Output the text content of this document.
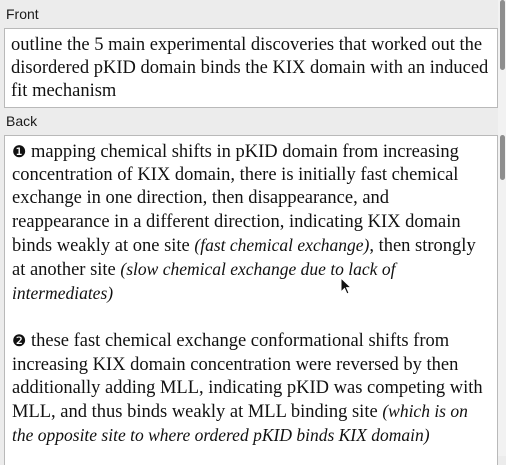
Front
outline the 5 main experimental discoveries that worked out the disordered pKID domain binds the KIX domain with an induced fit mechanism
Back

❶ mapping chemical shifts in pKID domain from increasing concentration of KIX domain, there is initially fast chemical exchange in one direction, then disappearance, and reappearance in a different direction, indicating KIX domain binds weakly at one site (fast chemical exchange), then strongly at another site (slow chemical exchange due to lack of intermediates)

❷ these fast chemical exchange conformational shifts from increasing KIX domain concentration were reversed by then additionally adding MLL, indicating pKID was competing with MLL, and thus binds weakly at MLL binding site (which is on the opposite site to where ordered pKID binds KIX domain)
